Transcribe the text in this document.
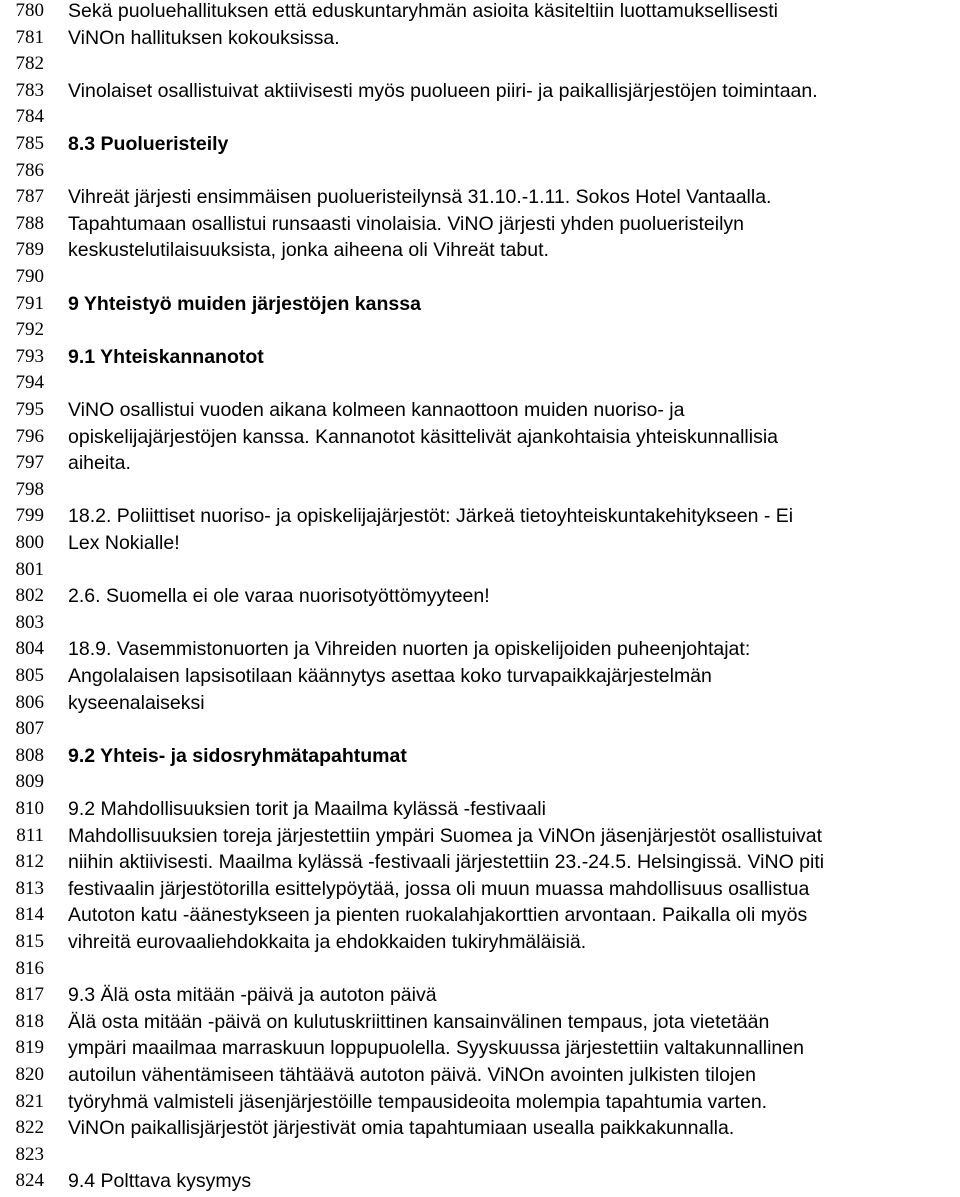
780 Sekä puoluehallituksen että eduskuntaryhmän asioita käsiteltiin luottamuksellisesti
781 ViNOn hallituksen kokouksissa.
782
783 Vinolaiset osallistuivat aktiivisesti myös puolueen piiri- ja paikallisjärjestöjen toimintaan.
784
785 8.3 Puolueristeily
786
787 Vihreät järjesti ensimmäisen puolueristeilynsä 31.10.-1.11. Sokos Hotel Vantaalla.
788 Tapahtumaan osallistui runsaasti vinolaisia. ViNO järjesti yhden puolueristeilyn
789 keskustelutilaisuuksista, jonka aiheena oli Vihreät tabut.
790
791 9 Yhteistyö muiden järjestöjen kanssa
792
793 9.1 Yhteiskannanotot
794
795 ViNO osallistui vuoden aikana kolmeen kannaottoon muiden nuoriso- ja
796 opiskelijajärjestöjen kanssa. Kannanotot käsittelivät ajankohtaisia yhteiskunnallisia
797 aiheita.
798
799 18.2. Poliittiset nuoriso- ja opiskelijajärjestöt: Järkeä tietoyhteiskuntakehitykseen - Ei
800 Lex Nokialle!
801
802 2.6. Suomella ei ole varaa nuorisotyöttömyyteen!
803
804 18.9. Vasemmistonuorten ja Vihreiden nuorten ja opiskelijoiden puheenjohtajat:
805 Angolalaisen lapsisotilaan käännytys asettaa koko turvapaikkajärjestelmän
806 kyseenalaiseksi
807
808 9.2 Yhteis- ja sidosryhmätapahtumat
809
810 9.2 Mahdollisuuksien torit ja Maailma kylässä -festivaali
811 Mahdollisuuksien toreja järjestettiin ympäri Suomea ja ViNOn jäsenjärjestöt osallistuivat
812 niihin aktiivisesti. Maailma kylässä -festivaali järjestettiin 23.-24.5. Helsingissä. ViNO piti
813 festivaalin järjestötorilla esittelypöytää, jossa oli muun muassa mahdollisuus osallistua
814 Autoton katu -äänestykseen ja pienten ruokalahjakorttien arvontaan. Paikalla oli myös
815 vihreitä eurovaaliehdokkaita ja ehdokkaiden tukiryhmäläisiä.
816
817 9.3 Älä osta mitään -päivä ja autoton päivä
818 Älä osta mitään -päivä on kulutuskriittinen kansainvälinen tempaus, jota vietetään
819 ympäri maailmaa marraskuun loppupuolella. Syyskuussa järjestettiin valtakunnallinen
820 autoilun vähentämiseen tähtäävä autoton päivä. ViNOn avointen julkisten tilojen
821 työryhmä valmisteli jäsenjärjestöille tempausideoita molempia tapahtumia varten.
822 ViNOn paikallisjärjestöt järjestivät omia tapahtumiaan usealla paikkakunnalla.
823
824 9.4 Polttava kysymys
